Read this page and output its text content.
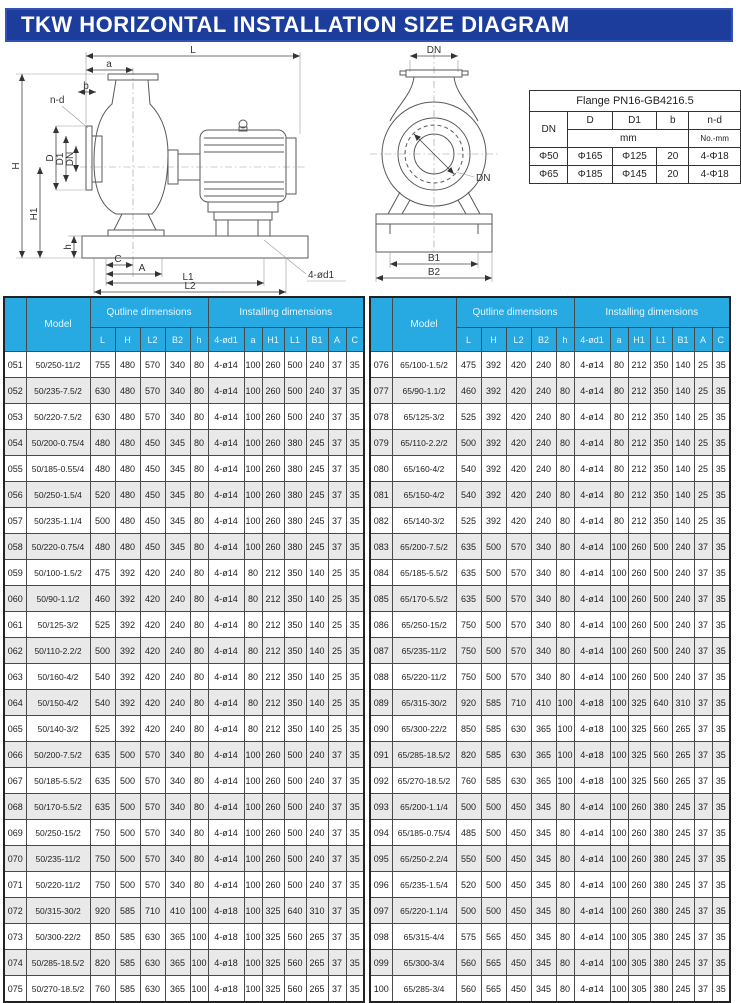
TKW HORIZONTAL INSTALLATION SIZE DIAGRAM
L
a
b
n-d
H
H1
D D1 DN
h
C
A
L1
L2
4-ød1
DN
DN
B1
B2
Flange PN16-GB4216.5				
DN	D	D1	b	n-d
	mm			No.-mm
Φ50	Φ165	Φ125	20	4-Φ18
Φ65	Φ185	Φ145	20	4-Φ18
	Model	Qutline dimensions					Installing dimensions						
		L	H	L2	B2	h	4-ød1	a	H1	L1	B1	A	C
051	50/250-11/2	755	480	570	340	80	4-ø14	100	260	500	240	37	35
052	50/235-7.5/2	630	480	570	340	80	4-ø14	100	260	500	240	37	35
053	50/220-7.5/2	630	480	570	340	80	4-ø14	100	260	500	240	37	35
054	50/200-0.75/4	480	480	450	345	80	4-ø14	100	260	380	245	37	35
055	50/185-0.55/4	480	480	450	345	80	4-ø14	100	260	380	245	37	35
056	50/250-1.5/4	520	480	450	345	80	4-ø14	100	260	380	245	37	35
057	50/235-1.1/4	500	480	450	345	80	4-ø14	100	260	380	245	37	35
058	50/220-0.75/4	480	480	450	345	80	4-ø14	100	260	380	245	37	35
059	50/100-1.5/2	475	392	420	240	80	4-ø14	80	212	350	140	25	35
060	50/90-1.1/2	460	392	420	240	80	4-ø14	80	212	350	140	25	35
061	50/125-3/2	525	392	420	240	80	4-ø14	80	212	350	140	25	35
062	50/110-2.2/2	500	392	420	240	80	4-ø14	80	212	350	140	25	35
063	50/160-4/2	540	392	420	240	80	4-ø14	80	212	350	140	25	35
064	50/150-4/2	540	392	420	240	80	4-ø14	80	212	350	140	25	35
065	50/140-3/2	525	392	420	240	80	4-ø14	80	212	350	140	25	35
066	50/200-7.5/2	635	500	570	340	80	4-ø14	100	260	500	240	37	35
067	50/185-5.5/2	635	500	570	340	80	4-ø14	100	260	500	240	37	35
068	50/170-5.5/2	635	500	570	340	80	4-ø14	100	260	500	240	37	35
069	50/250-15/2	750	500	570	340	80	4-ø14	100	260	500	240	37	35
070	50/235-11/2	750	500	570	340	80	4-ø14	100	260	500	240	37	35
071	50/220-11/2	750	500	570	340	80	4-ø14	100	260	500	240	37	35
072	50/315-30/2	920	585	710	410	100	4-ø18	100	325	640	310	37	35
073	50/300-22/2	850	585	630	365	100	4-ø18	100	325	560	265	37	35
074	50/285-18.5/2	820	585	630	365	100	4-ø18	100	325	560	265	37	35
075	50/270-18.5/2	760	585	630	365	100	4-ø18	100	325	560	265	37	35
	Model	Qutline dimensions					Installing dimensions						
		L	H	L2	B2	h	4-ød1	a	H1	L1	B1	A	C
076	65/100-1.5/2	475	392	420	240	80	4-ø14	80	212	350	140	25	35
077	65/90-1.1/2	460	392	420	240	80	4-ø14	80	212	350	140	25	35
078	65/125-3/2	525	392	420	240	80	4-ø14	80	212	350	140	25	35
079	65/110-2.2/2	500	392	420	240	80	4-ø14	80	212	350	140	25	35
080	65/160-4/2	540	392	420	240	80	4-ø14	80	212	350	140	25	35
081	65/150-4/2	540	392	420	240	80	4-ø14	80	212	350	140	25	35
082	65/140-3/2	525	392	420	240	80	4-ø14	80	212	350	140	25	35
083	65/200-7.5/2	635	500	570	340	80	4-ø14	100	260	500	240	37	35
084	65/185-5.5/2	635	500	570	340	80	4-ø14	100	260	500	240	37	35
085	65/170-5.5/2	635	500	570	340	80	4-ø14	100	260	500	240	37	35
086	65/250-15/2	750	500	570	340	80	4-ø14	100	260	500	240	37	35
087	65/235-11/2	750	500	570	340	80	4-ø14	100	260	500	240	37	35
088	65/220-11/2	750	500	570	340	80	4-ø14	100	260	500	240	37	35
089	65/315-30/2	920	585	710	410	100	4-ø18	100	325	640	310	37	35
090	65/300-22/2	850	585	630	365	100	4-ø18	100	325	560	265	37	35
091	65/285-18.5/2	820	585	630	365	100	4-ø18	100	325	560	265	37	35
092	65/270-18.5/2	760	585	630	365	100	4-ø18	100	325	560	265	37	35
093	65/200-1.1/4	500	500	450	345	80	4-ø14	100	260	380	245	37	35
094	65/185-0.75/4	485	500	450	345	80	4-ø14	100	260	380	245	37	35
095	65/250-2.2/4	550	500	450	345	80	4-ø14	100	260	380	245	37	35
096	65/235-1.5/4	520	500	450	345	80	4-ø14	100	260	380	245	37	35
097	65/220-1.1/4	500	500	450	345	80	4-ø14	100	260	380	245	37	35
098	65/315-4/4	575	565	450	345	80	4-ø14	100	305	380	245	37	35
099	65/300-3/4	560	565	450	345	80	4-ø14	100	305	380	245	37	35
100	65/285-3/4	560	565	450	345	80	4-ø14	100	305	380	245	37	35
